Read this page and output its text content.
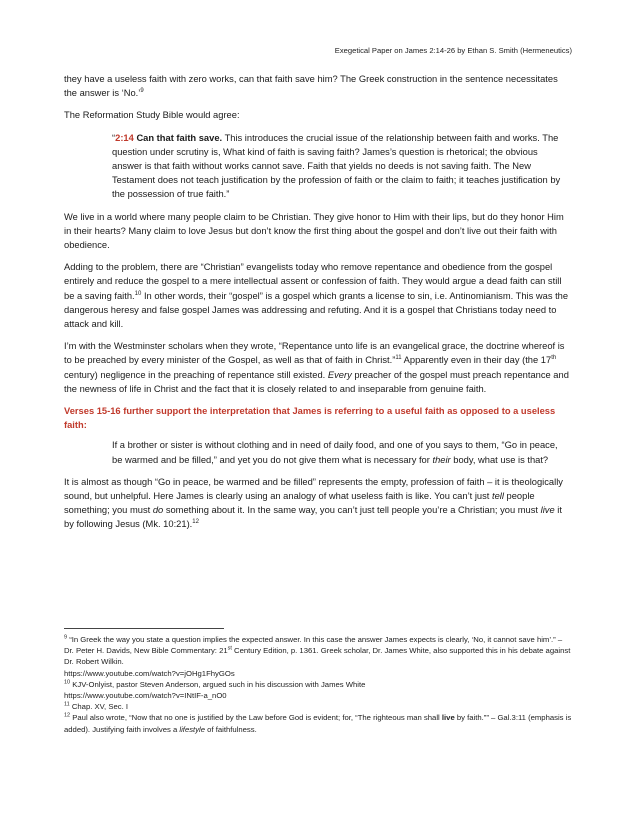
Exegetical Paper on James 2:14-26 by Ethan S. Smith (Hermeneutics)

they have a useless faith with zero works, can that faith save him? The Greek construction in the sentence necessitates the answer is ‘No.’$^9$

The Reformation Study Bible would agree:

“2:14 Can that faith save. This introduces the crucial issue of the relationship between faith and works. The question under scrutiny is, What kind of faith is saving faith? James’s question is rhetorical; the obvious answer is that faith without works cannot save. Faith that yields no deeds is not saving faith. The New Testament does not teach justification by the profession of faith or the claim to faith; it teaches justification by the possession of true faith.”

We live in a world where many people claim to be Christian. They give honor to Him with their lips, but do they honor Him in their hearts? Many claim to love Jesus but don’t know the first thing about the gospel and don’t live out their faith with obedience.

Adding to the problem, there are “Christian” evangelists today who remove repentance and obedience from the gospel entirely and reduce the gospel to a mere intellectual assent or confession of faith. They would argue a dead faith can still be a saving faith.$^{10}$ In other words, their “gospel” is a gospel which grants a license to sin, i.e. Antinomianism. This was the dangerous heresy and false gospel James was addressing and refuting. And it is a gospel that Christians today need to attack and kill.

I’m with the Westminster scholars when they wrote, “Repentance unto life is an evangelical grace, the doctrine whereof is to be preached by every minister of the Gospel, as well as that of faith in Christ.”$^{11}$ Apparently even in their day (the 17th century) negligence in the preaching of repentance still existed. Every preacher of the gospel must preach repentance and the newness of life in Christ and the fact that it is closely related to and inseparable from genuine faith.

Verses 15-16 further support the interpretation that James is referring to a useful faith as opposed to a useless faith:
If a brother or sister is without clothing and in need of daily food, and one of you says to them, “Go in peace, be warmed and be filled,” and yet you do not give them what is necessary for their body, what use is that?

It is almost as though “Go in peace, be warmed and be filled” represents the empty, profession of faith – it is theologically sound, but unhelpful. Here James is clearly using an analogy of what useless faith is like. You can’t just tell people something; you must do something about it. In the same way, you can’t just tell people you’re a Christian; you must live it by following Jesus (Mk. 10:21).$^{12}$

$^9$ “In Greek the way you state a question implies the expected answer. In this case the answer James expects is clearly, ‘No, it cannot save him’.” – Dr. Peter H. Davids, New Bible Commentary: 21st Century Edition, p. 1361. Greek scholar, Dr. James White, also supported this in his debate against Dr. Robert Wilkin.
https://www.youtube.com/watch?v=jOHg1FhyGOs
$^{10}$ KJV-Onlyist, pastor Steven Anderson, argued such in his discussion with James White
https://www.youtube.com/watch?v=INtIF-a_nO0
$^{11}$ Chap. XV, Sec. I
$^{12}$ Paul also wrote, “Now that no one is justified by the Law before God is evident; for, “The righteous man shall live by faith.”” – Gal.3:11 (emphasis is added). Justifying faith involves a lifestyle of faithfulness.
